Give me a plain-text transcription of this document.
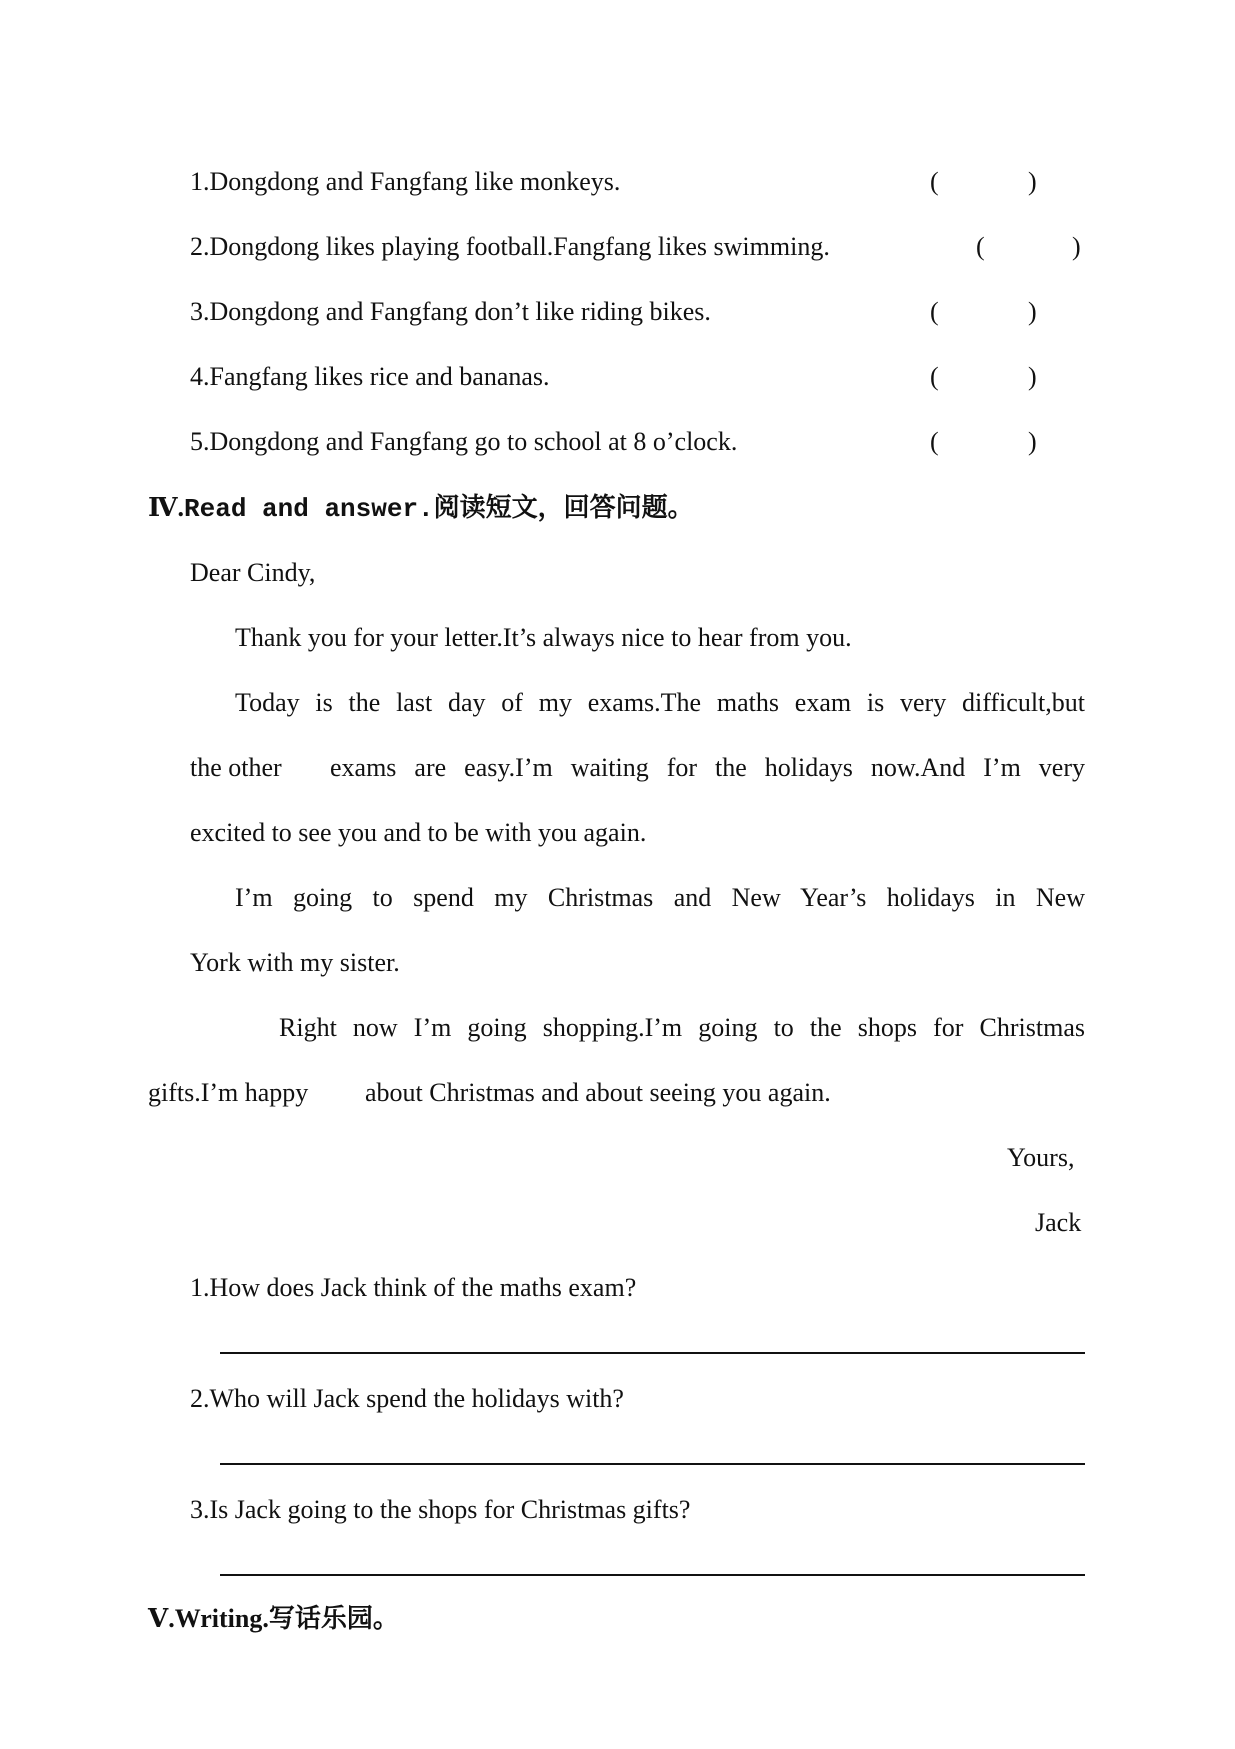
1.Dongdong and Fangfang like monkeys.	(	)
2.Dongdong likes playing football.Fangfang likes swimming.	(	)
3.Dongdong and Fangfang don’t like riding bikes.	(	)
4.Fangfang likes rice and bananas.	(	)
5.Dongdong and Fangfang go to school at 8 o’clock.	(	)
Ⅳ.Read and answer.阅读短文，回答问题。
Dear Cindy,
Thank you for your letter.It’s always nice to hear from you.
Today is the last day of my exams.The maths exam is very difficult,but
the other exams are easy.I’m waiting for the holidays now.And I’m very
excited to see you and to be with you again.
I’m going to spend my Christmas and New Year’s holidays in New
York with my sister.
Right now I’m going shopping.I’m going to the shops for Christmas
gifts.I’m happy about Christmas and about seeing you again.
Yours,
Jack
1.How does Jack think of the maths exam?
2.Who will Jack spend the holidays with?
3.Is Jack going to the shops for Christmas gifts?
Ⅴ.Writing.写话乐园。
